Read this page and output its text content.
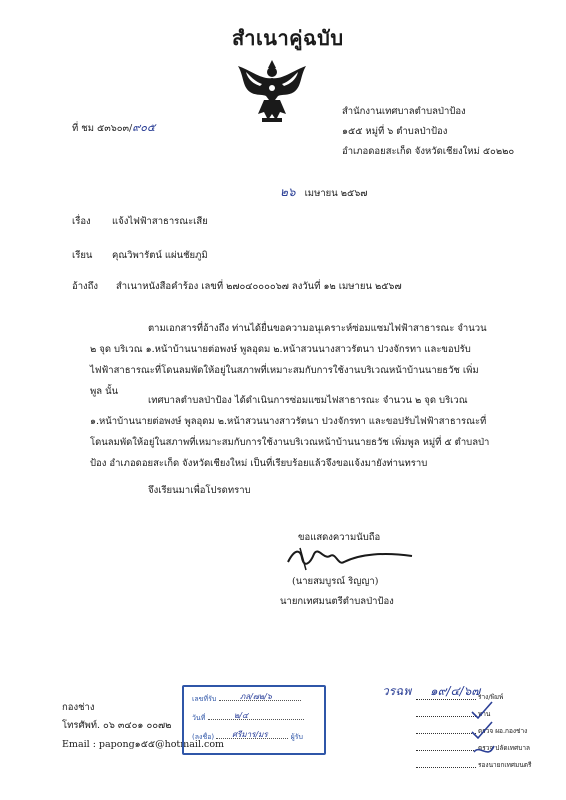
สำเนาคู่ฉบับ
ที่ ชม ๕๓๖๐๓/๙๐๕
สำนักงานเทศบาลตำบลป่าป้อง
๑๕๕ หมู่ที่ ๖ ตำบลป่าป้อง
อำเภอดอยสะเก็ด จังหวัดเชียงใหม่ ๕๐๒๒๐
๒๖ เมษายน ๒๕๖๗
เรื่อง แจ้งไฟฟ้าสาธารณะเสีย
เรียน คุณวิพารัตน์ แผ่นชัยภูมิ
อ้างถึง สำเนาหนังสือคำร้อง เลขที่ ๒๗๐๔๐๐๐๐๖๗ ลงวันที่ ๑๒ เมษายน ๒๕๖๗
ตามเอกสารที่อ้างถึง ท่านได้ยื่นขอความอนุเคราะห์ซ่อมแซมไฟฟ้าสาธารณะ จำนวน ๒ จุด บริเวณ ๑.หน้าบ้านนายต่อพงษ์ พูลอุดม ๒.หน้าสวนนางสาวรัตนา ปวงจักรทา และขอปรับไฟฟ้าสาธารณะที่โดนลมพัดให้อยู่ในสภาพที่เหมาะสมกับการใช้งานบริเวณหน้าบ้านนายธวัช เพิ่มพูล นั้น
เทศบาลตำบลป่าป้อง ได้ดำเนินการซ่อมแซมไฟสาธารณะ จำนวน ๒ จุด บริเวณ ๑.หน้าบ้านนายต่อพงษ์ พูลอุดม ๒.หน้าสวนนางสาวรัตนา ปวงจักรทา และขอปรับไฟฟ้าสาธารณะที่โดนลมพัดให้อยู่ในสภาพที่เหมาะสมกับการใช้งานบริเวณหน้าบ้านนายธวัช เพิ่มพูล หมู่ที่ ๕ ตำบลป่าป้อง อำเภอดอยสะเก็ด จังหวัดเชียงใหม่ เป็นที่เรียบร้อยแล้วจึงขอแจ้งมายังท่านทราบ
จึงเรียนมาเพื่อโปรดทราบ
ขอแสดงความนับถือ
(นายสมบูรณ์ ริญญา)
นายกเทศมนตรีตำบลป่าป้อง
กองช่าง
โทรศัพท์. ๐๖ ๓๔๐๑ ๐๐๗๒
Email : papong๑๕๕@hotmail.com
เลขที่รับ	ภล/๗๒/๖
วันที่	๒/๔
(ลงชื่อ)	ผู้รับ
ศรีมาร/มร
วรฉพ ๑๙/๔/๖๗
ร่าง/พิมพ์
ทาน
ตรวจ ผอ.กองช่าง
ตรวจ ปลัดเทศบาล
รองนายกเทศมนตรี
